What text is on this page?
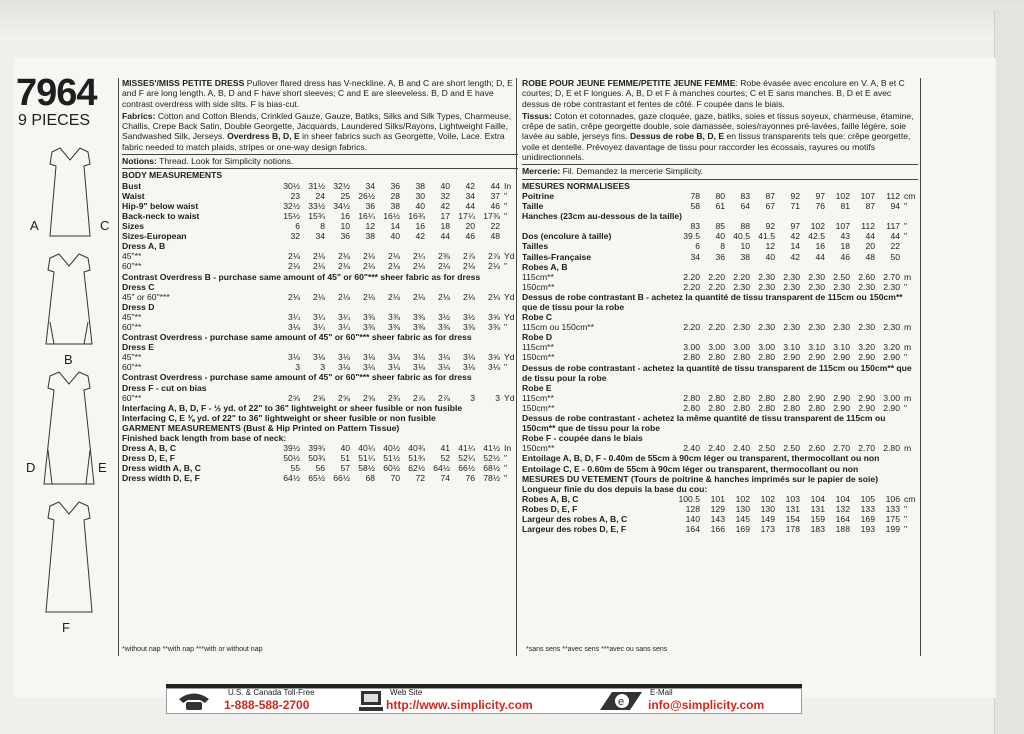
7964
9 PIECES
A	C
B
D	E
F
MISSES'/MISS PETITE DRESS Pullover flared dress has V-neckline. A, B and C are short length; D, E and F are long length. A, B, D and F have short sleeves; C and E are sleeveless. B, D and E have contrast overdress with side slits. F is bias-cut.
Fabrics: Cotton and Cotton Blends, Crinkled Gauze, Gauze, Batiks, Silks and Silk Types, Charmeuse, Challis, Crepe Back Satin, Double Georgette, Jacquards, Laundered Silks/Rayons, Lightweight Faille, Sandwashed Silk, Jerseys. Overdress B, D, E in sheer fabrics such as Georgette, Voile, Lace. Extra fabric needed to match plaids, stripes or one-way design fabrics.
Notions: Thread. Look for Simplicity notions.
BODY MEASUREMENTS
Bust	30½	31½	32½	34	36	38	40	42	44	In
Waist	23	24	25	26½	28	30	32	34	37	"
Hip-9" below waist	32½	33½	34½	36	38	40	42	44	46	"
Back-neck to waist	15½	15¾	16	16¼	16½	16¾	17	17¼	17⅜	"
Sizes	6	8	10	12	14	16	18	20	22	
Sizes-European	32	34	36	38	40	42	44	46	48	
Dress A, B										
45"**	2⅛	2⅛	2⅛	2⅛	2⅛	2¼	2⅜	2⅞	2⅞	Yd
60"**	2⅛	2⅛	2⅛	2⅛	2⅛	2⅛	2⅛	2⅛	2⅛	"
Contrast Overdress B - purchase same amount of 45" or 60"*** sheer fabric as for dress										
Dress C										
45" or 60"***	2⅛	2⅛	2⅛	2⅛	2⅛	2⅛	2⅛	2⅛	2⅛	Yd
Dress D										
45"**	3¼	3¼	3¼	3⅜	3⅜	3⅜	3½	3½	3⅝	Yd
60"**	3⅛	3¼	3¼	3⅜	3⅜	3⅜	3⅜	3⅜	3⅜	"
Contrast Overdress - purchase same amount of 45" or 60"*** sheer fabric as for dress										
Dress E										
45"**	3⅛	3⅛	3⅛	3⅛	3⅛	3⅛	3⅛	3⅛	3⅝	Yd
60"**	3	3	3⅛	3⅛	3⅛	3⅛	3⅛	3⅛	3⅛	"
Contrast Overdress - purchase same amount of 45" or 60"*** sheer fabric as for dress										
Dress F - cut on bias										
60"**	2⅝	2⅝	2⅝	2⅝	2¾	2⅞	2⅞	3	3	Yd
Interfacing A, B, D, F - ½ yd. of 22" to 36" lightweight or sheer fusible or non fusible										
Interfacing C, E ⅜ yd. of 22" to 36" lightweight or sheer fusible or non fusible										
GARMENT MEASUREMENTS (Bust & Hip Printed on Pattern Tissue)										
Finished back length from base of neck:										
Dress A, B, C	39½	39¾	40	40¼	40½	40¾	41	41¼	41½	In
Dress D, E, F	50½	50¾	51	51¼	51½	51¾	52	52¼	52½	"
Dress width A, B, C	55	56	57	58½	60½	62½	64½	66½	68½	"
Dress width D, E, F	64½	65½	66½	68	70	72	74	76	78½	"
ROBE POUR JEUNE FEMME/PETITE JEUNE FEMME: Robe évasée avec encolure en V. A, B et C courtes; D, E et F longues. A, B, D et F à manches courtes; C et E sans manches. B, D et E avec dessus de robe contrastant et fentes de côté. F coupée dans le biais.
Tissus: Coton et cotonnades, gaze cloquée, gaze, batiks, soies et tissus soyeux, charmeuse, étamine, crêpe de satin, crêpe georgette double, soie damassée, soies/rayonnes pré-lavées, faille légère, soie lavée au sable, jerseys fins. Dessus de robe B, D, E en tissus transparents tels que: crêpe georgette, voile et dentelle. Prévoyez davantage de tissu pour raccorder les écossais, rayures ou motifs unidirectionnels.
Mercerie: Fil. Demandez la mercerie Simplicity.
MESURES NORMALISEES
Poitrine	78	80	83	87	92	97	102	107	112	cm
Taille	58	61	64	67	71	76	81	87	94	"
Hanches (23cm au-dessous de la taille)										
	83	85	88	92	97	102	107	112	117	"
Dos (encolure à taille)	39.5	40	40.5	41.5	42	42.5	43	44	44	"
Tailles	6	8	10	12	14	16	18	20	22	
Tailles-Française	34	36	38	40	42	44	46	48	50	
Robes A, B										
115cm**	2.20	2.20	2.20	2.30	2.30	2.30	2.50	2.60	2.70	m
150cm**	2.20	2.20	2.30	2.30	2.30	2.30	2.30	2.30	2.30	"
Dessus de robe contrastant B - achetez la quantité de tissu transparent de 115cm ou 150cm** que de tissu pour la robe										
Robe C										
115cm ou 150cm**	2.20	2.20	2.30	2.30	2.30	2.30	2.30	2.30	2.30	m
Robe D										
115cm**	3.00	3.00	3.00	3.00	3.10	3.10	3.10	3.20	3.20	m
150cm**	2.80	2.80	2.80	2.80	2.90	2.90	2.90	2.90	2.90	"
Dessus de robe contrastant - achetez la quantité de tissu transparent de 115cm ou 150cm** que de tissu pour la robe										
Robe E										
115cm**	2.80	2.80	2.80	2.80	2.80	2.90	2.90	2.90	3.00	m
150cm**	2.80	2.80	2.80	2.80	2.80	2.80	2.90	2.90	2.90	"
Dessus de robe contrastant - achetez la même quantité de tissu transparent de 115cm ou 150cm** que de tissu pour la robe										
Robe F - coupée dans le biais										
150cm**	2.40	2.40	2.40	2.50	2.50	2.60	2.70	2.70	2.80	m
Entoilage A, B, D, F - 0.40m de 55cm à 90cm léger ou transparent, thermocollant ou non										
Entoilage C, E - 0.60m de 55cm à 90cm léger ou transparent, thermocollant ou non										
MESURES DU VETEMENT (Tours de poitrine & hanches imprimés sur le papier de soie)										
Longueur finie du dos depuis la base du cou:										
Robes A, B, C	100.5	101	102	102	103	104	104	105	106	cm
Robes D, E, F	128	129	130	130	131	131	132	133	133	"
Largeur des robes A, B, C	140	143	145	149	154	159	164	169	175	"
Largeur des robes D, E, F	164	166	169	173	178	183	188	193	199	"
*without nap **with nap ***with or without nap	*sans sens **avec sens ***avec ou sans sens
U.S. & Canada Toll-Free
1-888-588-2700
Web Site
http://www.simplicity.com	e
E-Mail
info@simplicity.com
